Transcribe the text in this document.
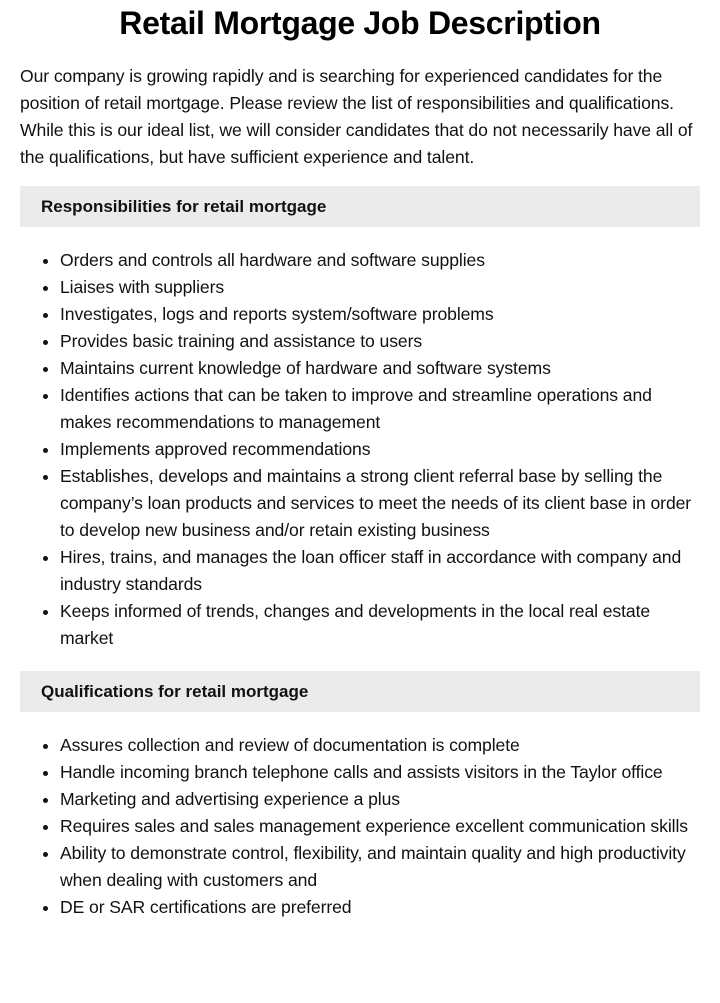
Retail Mortgage Job Description

Our company is growing rapidly and is searching for experienced candidates for the position of retail mortgage. Please review the list of responsibilities and qualifications. While this is our ideal list, we will consider candidates that do not necessarily have all of the qualifications, but have sufficient experience and talent.

Responsibilities for retail mortgage
• Orders and controls all hardware and software supplies
• Liaises with suppliers
• Investigates, logs and reports system/software problems
• Provides basic training and assistance to users
• Maintains current knowledge of hardware and software systems
• Identifies actions that can be taken to improve and streamline operations and makes recommendations to management
• Implements approved recommendations
• Establishes, develops and maintains a strong client referral base by selling the company’s loan products and services to meet the needs of its client base in order to develop new business and/or retain existing business
• Hires, trains, and manages the loan officer staff in accordance with company and industry standards
• Keeps informed of trends, changes and developments in the local real estate market
Qualifications for retail mortgage
• Assures collection and review of documentation is complete
• Handle incoming branch telephone calls and assists visitors in the Taylor office
• Marketing and advertising experience a plus
• Requires sales and sales management experience excellent communication skills
• Ability to demonstrate control, flexibility, and maintain quality and high productivity when dealing with customers and
• DE or SAR certifications are preferred
